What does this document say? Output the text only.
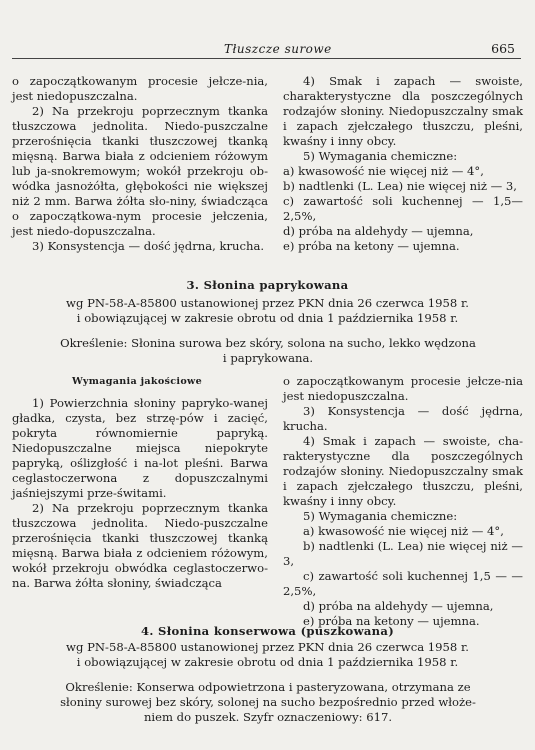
Tłuszcze surowe	665

o zapoczątkowanym procesie jełcze-nia, jest niedopuszczalna.

2) Na przekroju poprzecznym tkanka tłuszczowa jednolita. Niedo-puszczalne przerośnięcia tkanki tłuszczowej tkanką mięsną. Barwa biała z odcieniem różowym lub ja-snokremowym; wokół przekroju ob-wódka jasnożółta, głębokości nie większej niż 2 mm. Barwa żółta sło-niny, świadcząca o zapoczątkowa-nym procesie jełczenia, jest niedo-dopuszczalna.

3) Konsystencja — dość jędrna, krucha.

4) Smak i zapach — swoiste, charakterystyczne dla poszczególnych rodzajów słoniny. Niedopuszczalny smak i zapach zjełczałego tłuszczu, pleśni, kwaśny i inny obcy.

5) Wymagania chemiczne:

a) kwasowość nie więcej niż — 4°,

b) nadtlenki (L. Lea) nie więcej niż — 3,

c) zawartość soli kuchennej — 1,5—2,5%,

d) próba na aldehydy — ujemna,

e) próba na ketony — ujemna.

3. Słonina paprykowana
wg PN-58-A-85800 ustanowionej przez PKN dnia 26 czerwca 1958 r.
i obowiązującej w zakresie obrotu od dnia 1 października 1958 r.
Określenie: Słonina surowa bez skóry, solona na sucho, lekko wędzona
i paprykowana.
Wymagania jakościowe

1) Powierzchnia słoniny papryko-wanej gładka, czysta, bez strzę-pów i zacięć, pokryta równomiernie papryką. Niedopuszczalne miejsca niepokryte papryką, oślizgłość i na-lot pleśni. Barwa ceglastoczerwona z dopuszczalnymi jaśniejszymi prze-świtami.

2) Na przekroju poprzecznym tkanka tłuszczowa jednolita. Niedo-puszczalne przerośnięcia tkanki tłuszczowej tkanką mięsną. Barwa biała z odcieniem różowym, wokół przekroju obwódka ceglastoczerwo-na. Barwa żółta słoniny, świadcząca

o zapoczątkowanym procesie jełcze-nia jest niedopuszczalna.

3) Konsystencja — dość jędrna, krucha.

4) Smak i zapach — swoiste, cha-rakterystyczne dla poszczególnych rodzajów słoniny. Niedopuszczalny smak i zapach zjełczałego tłuszczu, pleśni, kwaśny i inny obcy.

5) Wymagania chemiczne:

a) kwasowość nie więcej niż — 4°,

b) nadtlenki (L. Lea) nie więcej niż — 3,

c) zawartość soli kuchennej 1,5 — —2,5%,

d) próba na aldehydy — ujemna,

e) próba na ketony — ujemna.

4. Słonina konserwowa (puszkowana)
wg PN-58-A-85800 ustanowionej przez PKN dnia 26 czerwca 1958 r.
i obowiązującej w zakresie obrotu od dnia 1 października 1958 r.
Określenie: Konserwa odpowietrzona i pasteryzowana, otrzymana ze
słoniny surowej bez skóry, solonej na sucho bezpośrednio przed włoże-
niem do puszek. Szyfr oznaczeniowy: 617.
